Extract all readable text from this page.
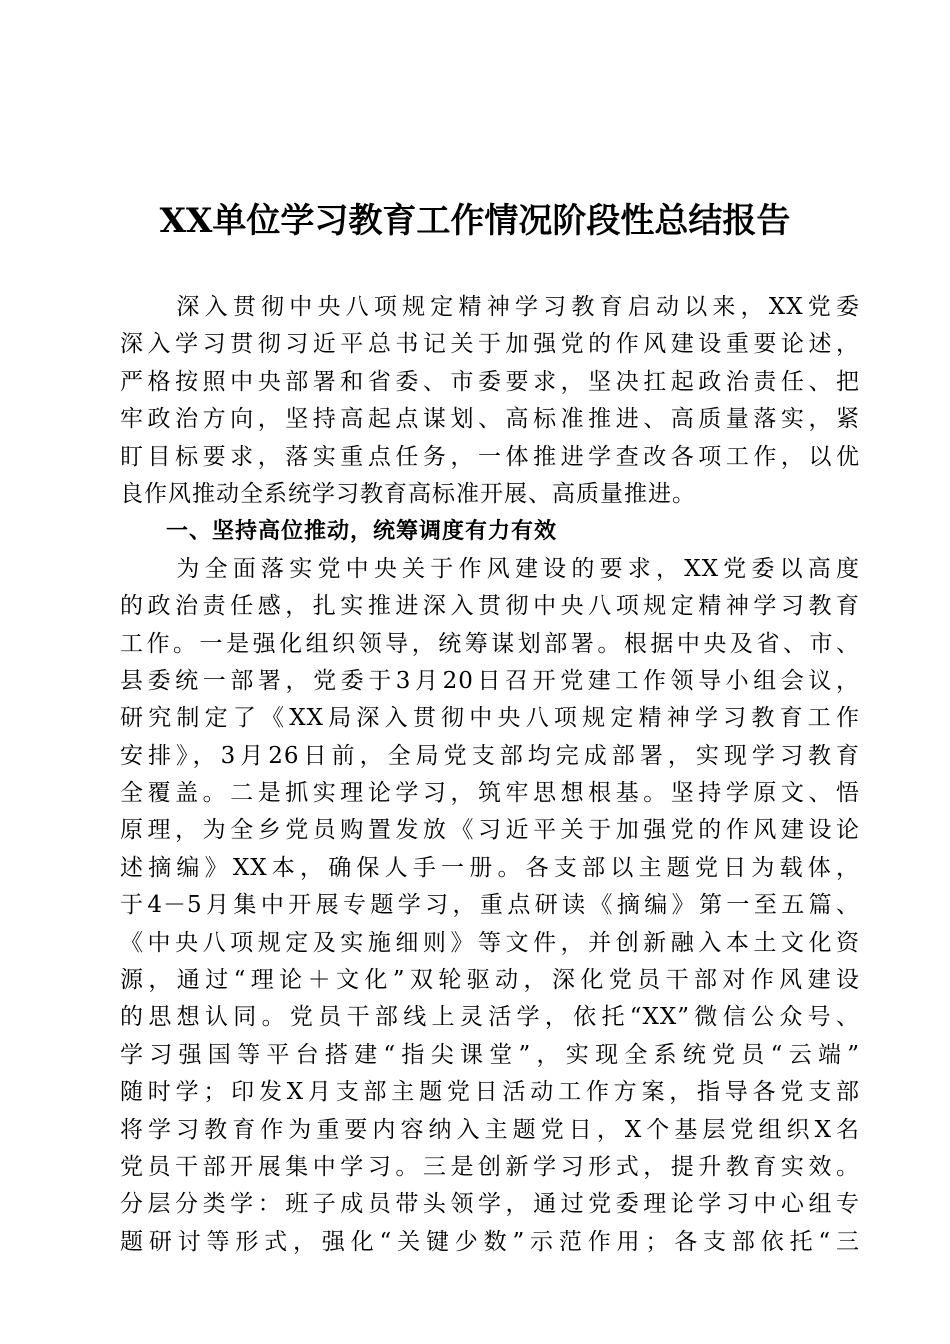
XX单位学习教育工作情况阶段性总结报告
　　深入贯彻中央八项规定精神学习教育启动以来，XX党委
深入学习贯彻习近平总书记关于加强党的作风建设重要论述，
严格按照中央部署和省委、市委要求，坚决扛起政治责任、把
牢政治方向，坚持高起点谋划、高标准推进、高质量落实，紧
盯目标要求，落实重点任务，一体推进学查改各项工作，以优
良作风推动全系统学习教育高标准开展、高质量推进。
　　一、坚持高位推动，统筹调度有力有效
　　为全面落实党中央关于作风建设的要求，XX党委以高度
的政治责任感，扎实推进深入贯彻中央八项规定精神学习教育
工作。一是强化组织领导，统筹谋划部署。根据中央及省、市、
县委统一部署，党委于3月20日召开党建工作领导小组会议，
研究制定了《XX局深入贯彻中央八项规定精神学习教育工作
安排》，3月26日前，全局党支部均完成部署，实现学习教育
全覆盖。二是抓实理论学习，筑牢思想根基。坚持学原文、悟
原理，为全乡党员购置发放《习近平关于加强党的作风建设论
述摘编》XX本，确保人手一册。各支部以主题党日为载体，
于4－5月集中开展专题学习，重点研读《摘编》第一至五篇、
《中央八项规定及实施细则》等文件，并创新融入本土文化资
源，通过“理论＋文化”双轮驱动，深化党员干部对作风建设
的思想认同。党员干部线上灵活学，依托“XX”微信公众号、
学习强国等平台搭建“指尖课堂”，实现全系统党员“云端”
随时学；印发X月支部主题党日活动工作方案，指导各党支部
将学习教育作为重要内容纳入主题党日，X个基层党组织X名
党员干部开展集中学习。三是创新学习形式，提升教育实效。
分层分类学：班子成员带头领学，通过党委理论学习中心组专
题研讨等形式，强化“关键少数”示范作用；各支部依托“三
